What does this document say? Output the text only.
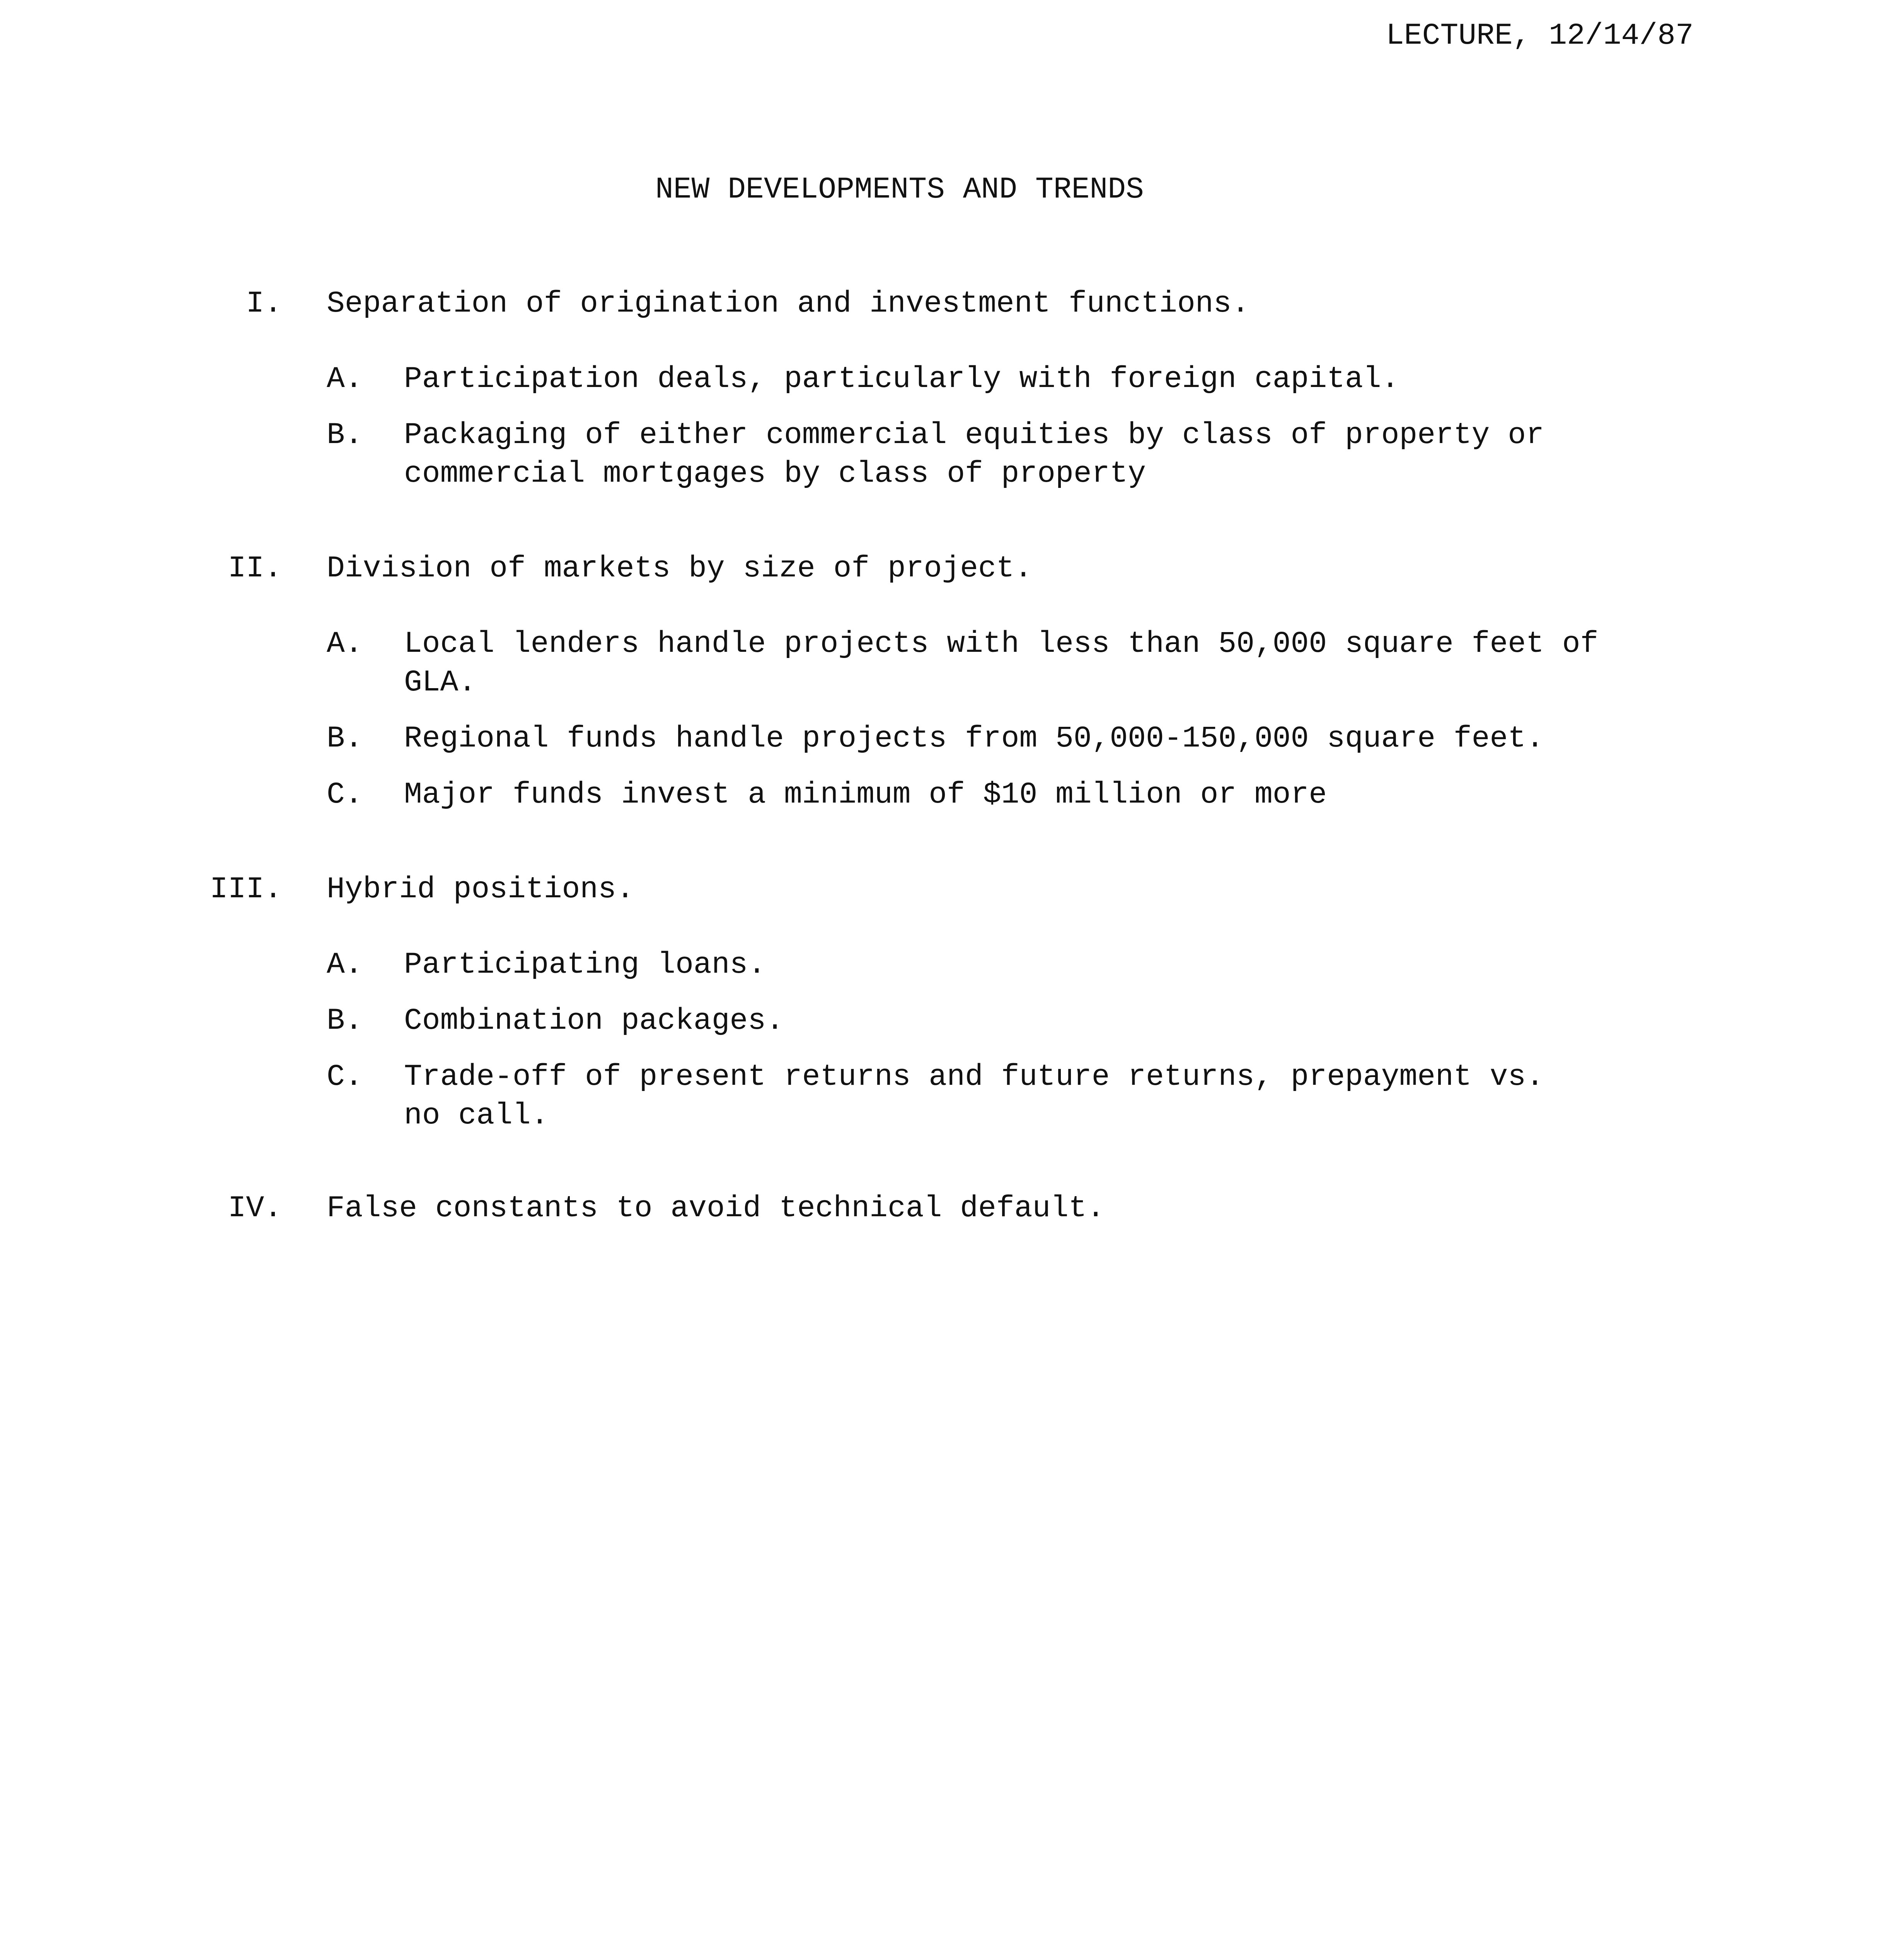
LECTURE, 12/14/87
NEW DEVELOPMENTS AND TRENDS
I. Separation of origination and investment functions.
A.	Participation deals, particularly with foreign capital.
B.	Packaging of either commercial equities by class of property or
commercial mortgages by class of property
II. Division of markets by size of project.
A.	Local lenders handle projects with less than 50,000 square feet of
GLA.
B.	Regional funds handle projects from 50,000-150,000 square feet.
C.	Major funds invest a minimum of $10 million or more
III. Hybrid positions.
A.	Participating loans.
B.	Combination packages.
C.	Trade-off of present returns and future returns, prepayment vs.
no call.
IV. False constants to avoid technical default.
